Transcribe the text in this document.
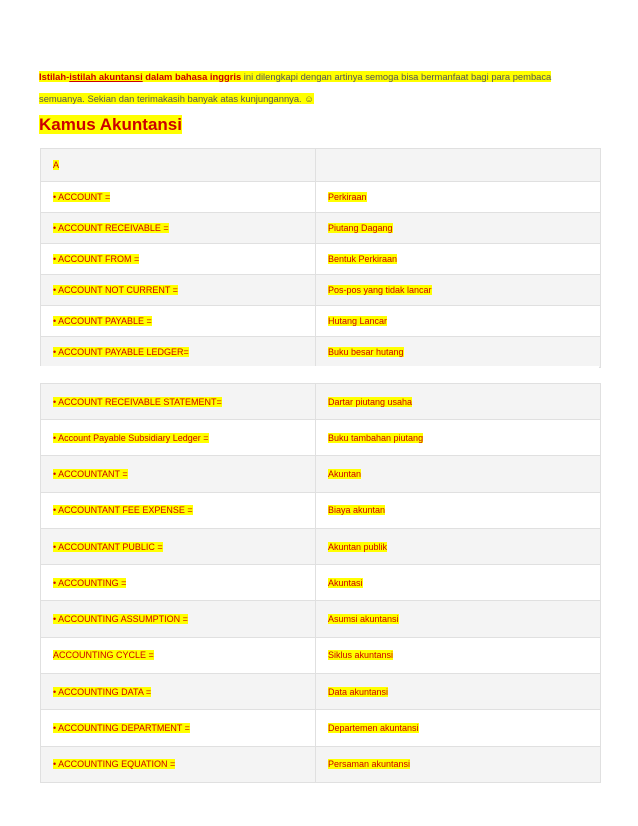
Istilah-istilah akuntansi dalam bahasa inggris ini dilengkapi dengan artinya semoga bisa bermanfaat bagi para pembaca
semuanya. Sekian dan terimakasih banyak atas kunjungannya. ☺
Kamus Akuntansi
A	
• ACCOUNT =	Perkiraan
• ACCOUNT RECEIVABLE =	Piutang Dagang
• ACCOUNT FROM =	Bentuk Perkiraan
• ACCOUNT NOT CURRENT =	Pos-pos yang tidak lancar
• ACCOUNT PAYABLE =	Hutang Lancar
• ACCOUNT PAYABLE LEDGER=	Buku besar hutang
• ACCOUNT RECEIVABLE STATEMENT=	Dartar piutang usaha
• Account Payable Subsidiary Ledger =	Buku tambahan piutang
• ACCOUNTANT =	Akuntan
• ACCOUNTANT FEE EXPENSE =	Biaya akuntan
• ACCOUNTANT PUBLIC =	Akuntan publik
• ACCOUNTING =	Akuntasi
• ACCOUNTING ASSUMPTION =	Asumsi akuntansi
ACCOUNTING CYCLE =	Siklus akuntansi
• ACCOUNTING DATA =	Data akuntansi
• ACCOUNTING DEPARTMENT =	Departemen akuntansi
• ACCOUNTING EQUATION =	Persaman akuntansi
